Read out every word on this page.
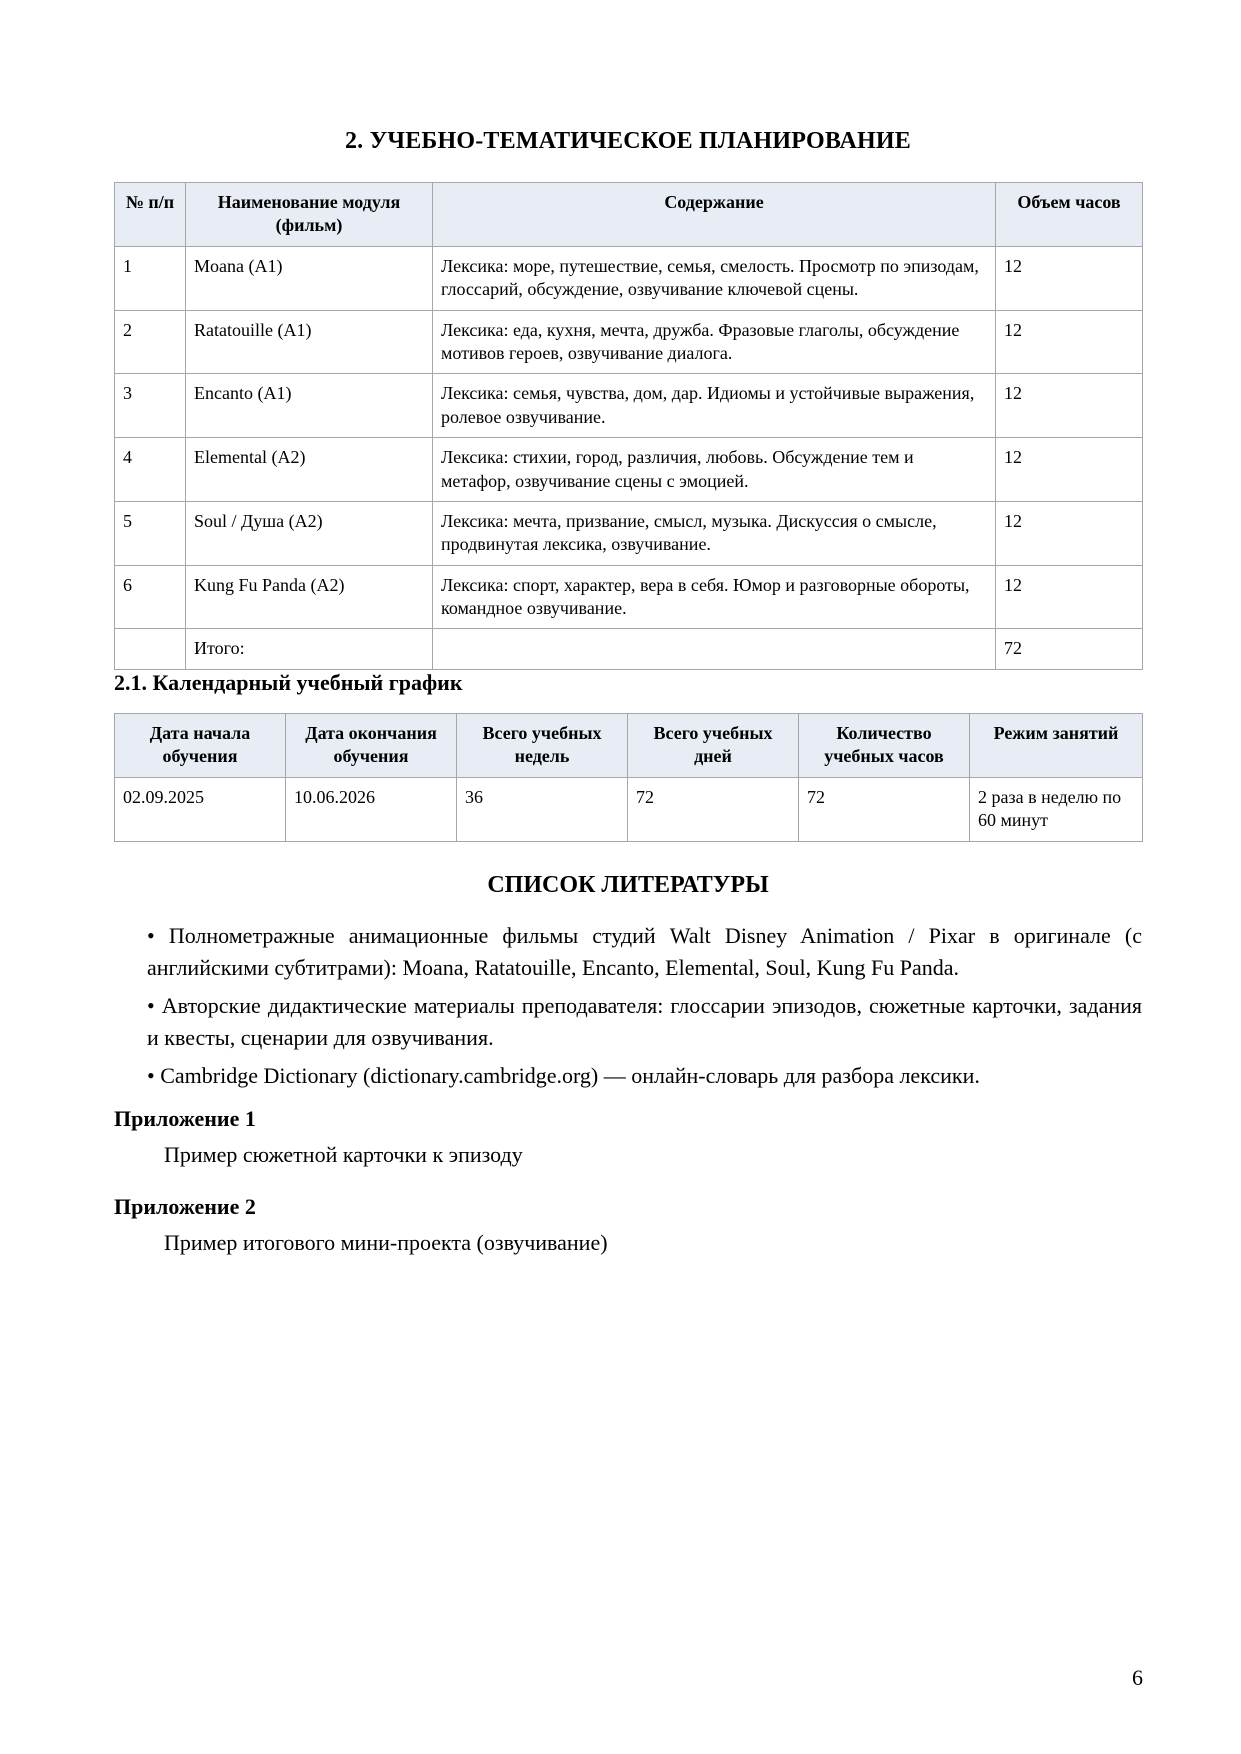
2. УЧЕБНО-ТЕМАТИЧЕСКОЕ ПЛАНИРОВАНИЕ
№ п/п	Наименование модуля (фильм)	Содержание	Объем часов
1	Moana (A1)	Лексика: море, путешествие, семья, смелость. Просмотр по эпизодам, глоссарий, обсуждение, озвучивание ключевой сцены.	12
2	Ratatouille (A1)	Лексика: еда, кухня, мечта, дружба. Фразовые глаголы, обсуждение мотивов героев, озвучивание диалога.	12
3	Encanto (A1)	Лексика: семья, чувства, дом, дар. Идиомы и устойчивые выражения, ролевое озвучивание.	12
4	Elemental (A2)	Лексика: стихии, город, различия, любовь. Обсуждение тем и метафор, озвучивание сцены с эмоцией.	12
5	Soul / Душа (A2)	Лексика: мечта, призвание, смысл, музыка. Дискуссия о смысле, продвинутая лексика, озвучивание.	12
6	Kung Fu Panda (A2)	Лексика: спорт, характер, вера в себя. Юмор и разговорные обороты, командное озвучивание.	12
	Итого:		72
2.1. Календарный учебный график
Дата начала обучения	Дата окончания обучения	Всего учебных недель	Всего учебных дней	Количество учебных часов	Режим занятий
02.09.2025	10.06.2026	36	72	72	2 раза в неделю по 60 минут
СПИСОК ЛИТЕРАТУРЫ

• Полнометражные анимационные фильмы студий Walt Disney Animation / Pixar в оригинале (с английскими субтитрами): Moana, Ratatouille, Encanto, Elemental, Soul, Kung Fu Panda.

• Авторские дидактические материалы преподавателя: глоссарии эпизодов, сюжетные карточки, задания и квесты, сценарии для озвучивания.

• Cambridge Dictionary (dictionary.cambridge.org) — онлайн-словарь для разбора лексики.

Приложение 1

Пример сюжетной карточки к эпизоду

Приложение 2

Пример итогового мини-проекта (озвучивание)

6
